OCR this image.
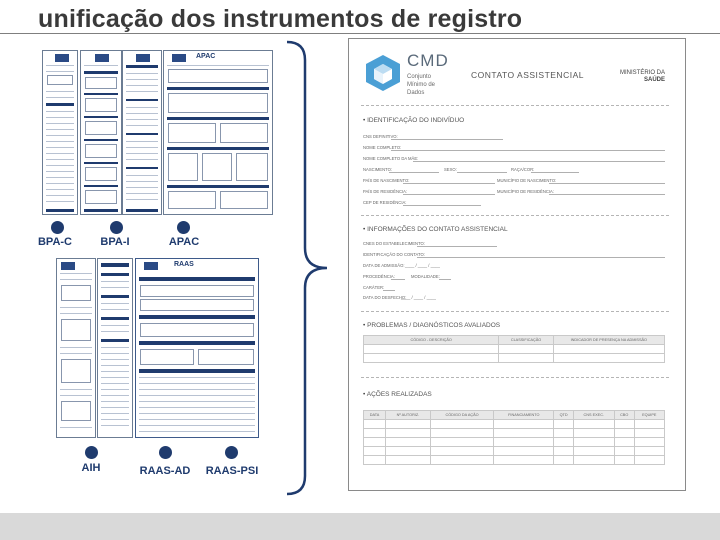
unificação dos instrumentos de registro
APAC
BPA-C	BPA-I	APAC
RAAS
AIH	RAAS-AD	RAAS-PSI
CMD
Conjunto
Mínimo de
Dados
CONTATO ASSISTENCIAL	MINISTÉRIO DA
SAÚDE
• IDENTIFICAÇÃO DO INDIVÍDUO
CNS DEFINITIVO:
NOME COMPLETO:
NOME COMPLETO DA MÃE:
NASCIMENTO:	SEXO:	RAÇA/COR:
PAÍS DE NASCIMENTO:	MUNICÍPIO DE NASCIMENTO:
PAÍS DE RESIDÊNCIA:	MUNICÍPIO DE RESIDÊNCIA:
CEP DE RESIDÊNCIA:
• INFORMAÇÕES DO CONTATO ASSISTENCIAL
CNES DO ESTABELECIMENTO:
IDENTIFICAÇÃO DO CONTATO:
DATA DE ADMISSÃO: ____ / ____ / ____
PROCEDÊNCIA:	MODALIDADE:
CARÁTER:
DATA DO DESFECHO:
____ / ____ / ____
• PROBLEMAS / DIAGNÓSTICOS AVALIADOS
CÓDIGO - DESCRIÇÃO	CLASSIFICAÇÃO	INDICADOR DE PRESENÇA NA ADMISSÃO

• AÇÕES REALIZADAS
DATA	Nº AUTORIZ.	CÓDIGO DA AÇÃO	FINANCIAMENTO	QTD	CNS EXEC.	CBO	EQUIPE
